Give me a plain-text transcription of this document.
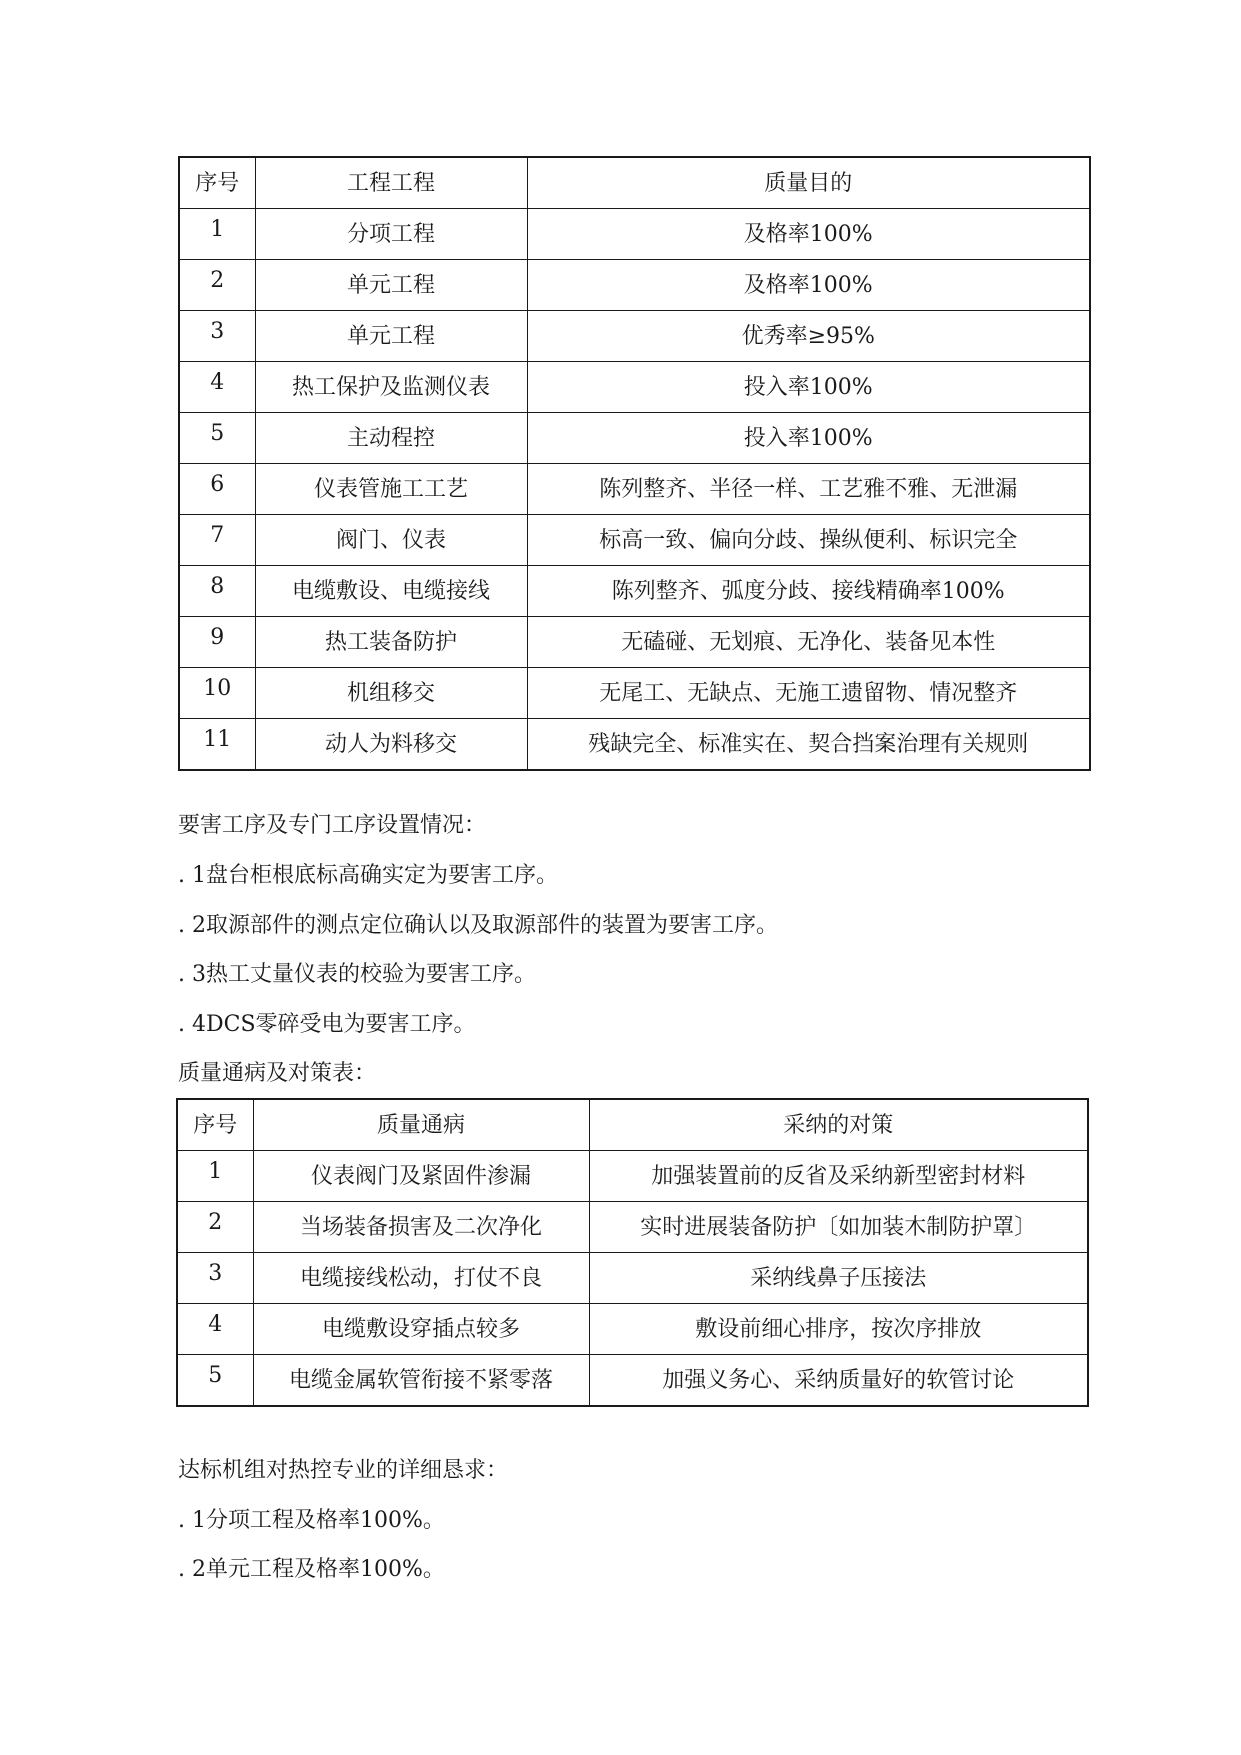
序号	工程工程	质量目的
1	分项工程	及格率100%
2	单元工程	及格率100%
3	单元工程	优秀率≥95%
4	热工保护及监测仪表	投入率100%
5	主动程控	投入率100%
6	仪表管施工工艺	陈列整齐、半径一样、工艺雅不雅、无泄漏
7	阀门、仪表	标高一致、偏向分歧、操纵便利、标识完全
8	电缆敷设、电缆接线	陈列整齐、弧度分歧、接线精确率100%
9	热工装备防护	无磕碰、无划痕、无净化、装备见本性
10	机组移交	无尾工、无缺点、无施工遗留物、情况整齐
11	动人为料移交	残缺完全、标准实在、契合挡案治理有关规则

要害工序及专门工序设置情况：

. 1盘台柜根底标高确实定为要害工序。

. 2取源部件的测点定位确认以及取源部件的装置为要害工序。

. 3热工丈量仪表的校验为要害工序。

. 4DCS零碎受电为要害工序。

质量通病及对策表：

序号	质量通病	采纳的对策
1	仪表阀门及紧固件渗漏	加强装置前的反省及采纳新型密封材料
2	当场装备损害及二次净化	实时进展装备防护〔如加装木制防护罩〕
3	电缆接线松动，打仗不良	采纳线鼻子压接法
4	电缆敷设穿插点较多	敷设前细心排序，按次序排放
5	电缆金属软管衔接不紧零落	加强义务心、采纳质量好的软管讨论

达标机组对热控专业的详细恳求：

. 1分项工程及格率100%。

. 2单元工程及格率100%。
